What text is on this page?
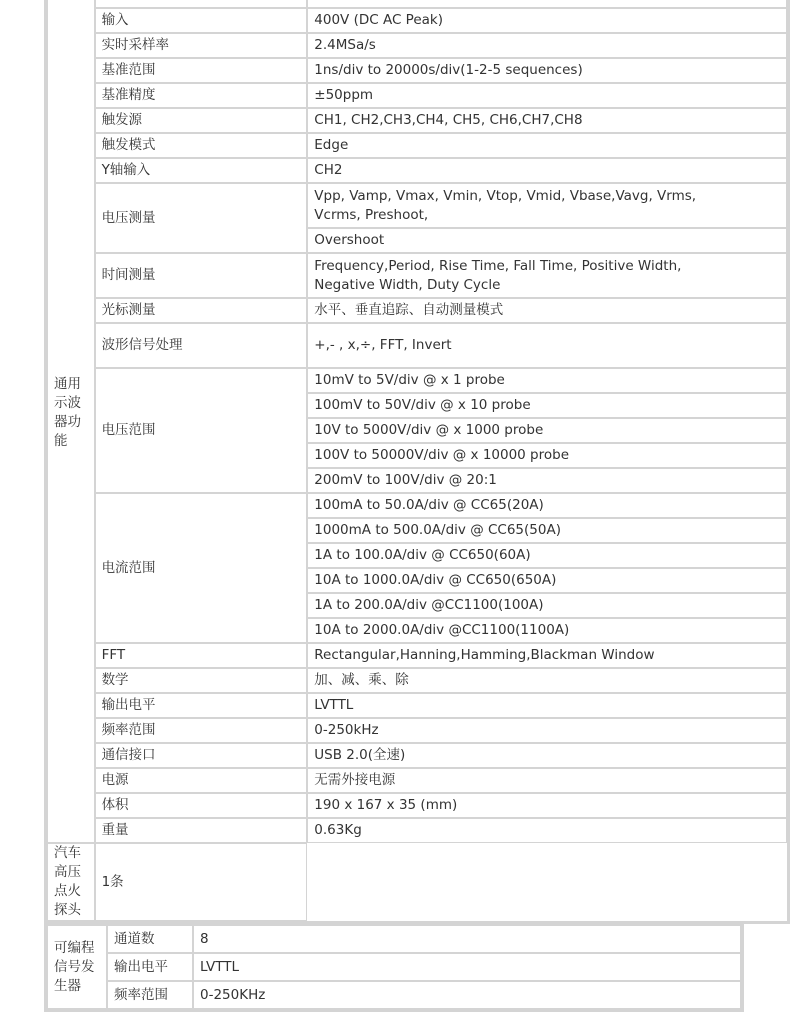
通用示波器功能		
	输入	400V (DC AC Peak)
	实时采样率	2.4MSa/s
	基准范围	1ns/div to 20000s/div(1-2-5 sequences)
	基准精度	±50ppm
	触发源	CH1, CH2,CH3,CH4, CH5, CH6,CH7,CH8
	触发模式	Edge
	Y轴输入	CH2
	电压测量	Vpp, Vamp, Vmax, Vmin, Vtop, Vmid, Vbase,Vavg, Vrms, Vcrms, Preshoot,

		Overshoot
	时间测量	Frequency,Period, Rise Time, Fall Time, Positive Width, Negative Width, Duty Cycle

	光标测量	水平、垂直追踪、自动测量模式
	波形信号处理	+,- , x,÷, FFT, Invert
	电压范围	10mV to 5V/div @ x 1 probe
		100mV to 50V/div @ x 10 probe
		10V to 5000V/div @ x 1000 probe
		100V to 50000V/div @ x 10000 probe
		200mV to 100V/div @ 20:1
	电流范围	100mA to 50.0A/div @ CC65(20A)
		1000mA to 500.0A/div @ CC65(50A)
		1A to 100.0A/div @ CC650(60A)
		10A to 1000.0A/div @ CC650(650A)
		1A to 200.0A/div @CC1100(100A)
		10A to 2000.0A/div @CC1100(1100A)
	FFT	Rectangular,Hanning,Hamming,Blackman Window
	数学	加、减、乘、除
	输出电平	LVTTL
	频率范围	0-250kHz
	通信接口	USB 2.0(全速)
	电源	无需外接电源
	体积	190 x 167 x 35 (mm)
	重量	0.63Kg
汽车高压点火探头	1条	
可编程信号发生器	通道数	8
	输出电平	LVTTL
	频率范围	0-250KHz
